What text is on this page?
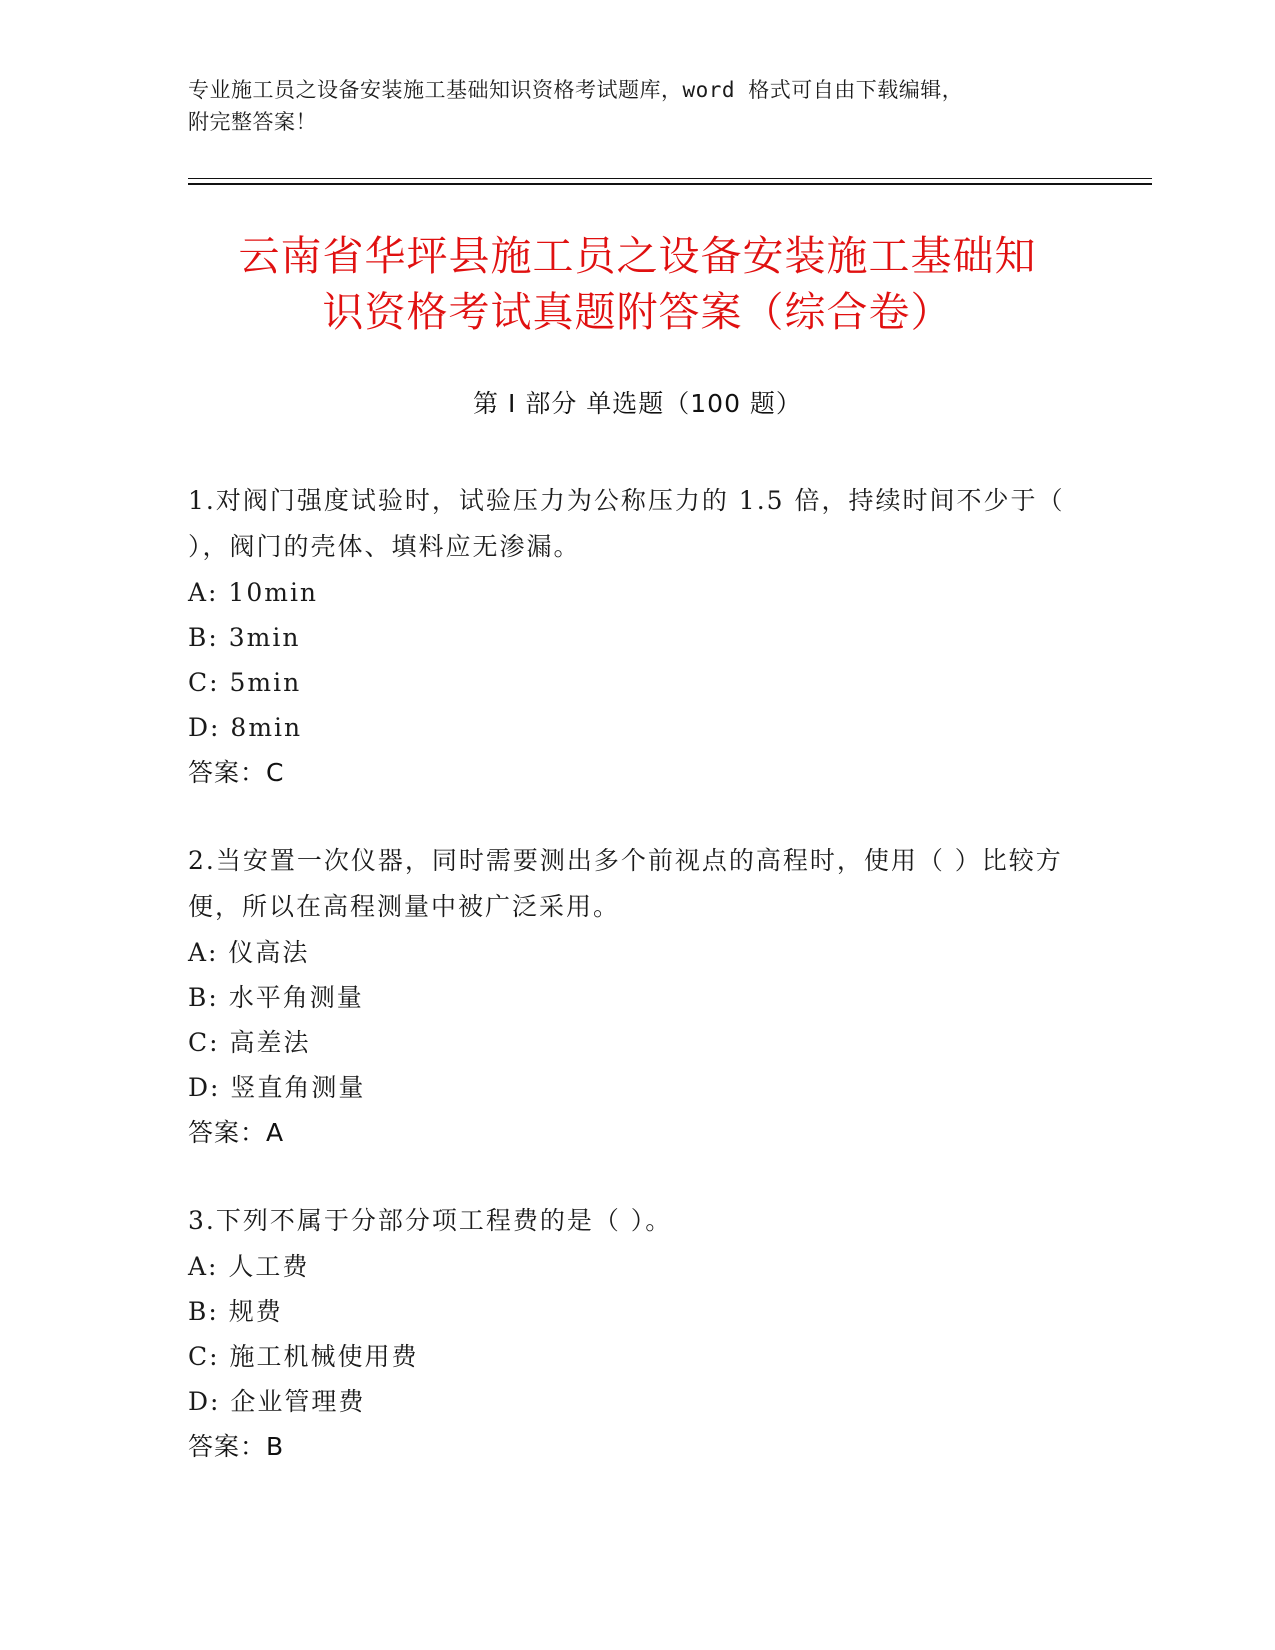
专业施工员之设备安装施工基础知识资格考试题库，word 格式可自由下载编辑，
附完整答案！
云南省华坪县施工员之设备安装施工基础知
识资格考试真题附答案（综合卷）
第 I 部分 单选题（100 题）
1.对阀门强度试验时，试验压力为公称压力的 1.5 倍，持续时间不少于（ ），阀门的壳体、填料应无渗漏。
A: 10min
B: 3min
C: 5min
D: 8min
答案：C
2.当安置一次仪器，同时需要测出多个前视点的高程时，使用（ ）比较方便，所以在高程测量中被广泛采用。
A: 仪高法
B: 水平角测量
C: 高差法
D: 竖直角测量
答案：A
3.下列不属于分部分项工程费的是（ ）。
A: 人工费
B: 规费
C: 施工机械使用费
D: 企业管理费
答案：B
